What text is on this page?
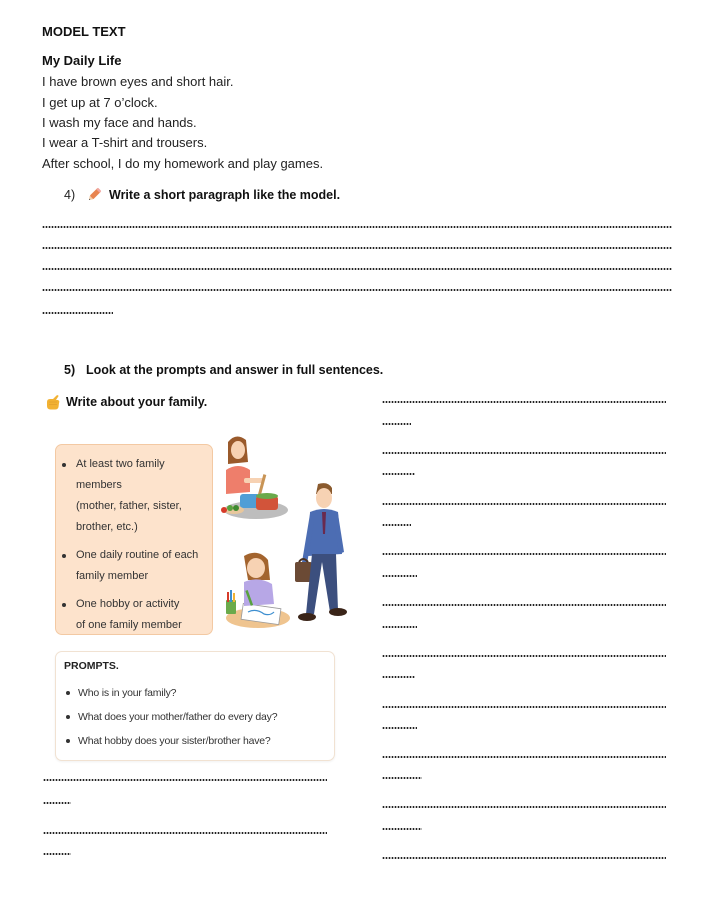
MODEL TEXT
My Daily Life
I have brown eyes and short hair.
I get up at 7 o’clock.
I wash my face and hands.
I wear a T-shirt and trousers.
After school, I do my homework and play games.
4)	Write a short paragraph like the model.
5) Look at the prompts and answer in full sentences.
Write about your family.
At least two family members
(mother, father, sister,
brother, etc.)
One daily routine of each
family member
One hobby or activity
of one family member
PROMPTS.
Who is in your family?
What does your mother/father do every day?
What hobby does your sister/brother have?
